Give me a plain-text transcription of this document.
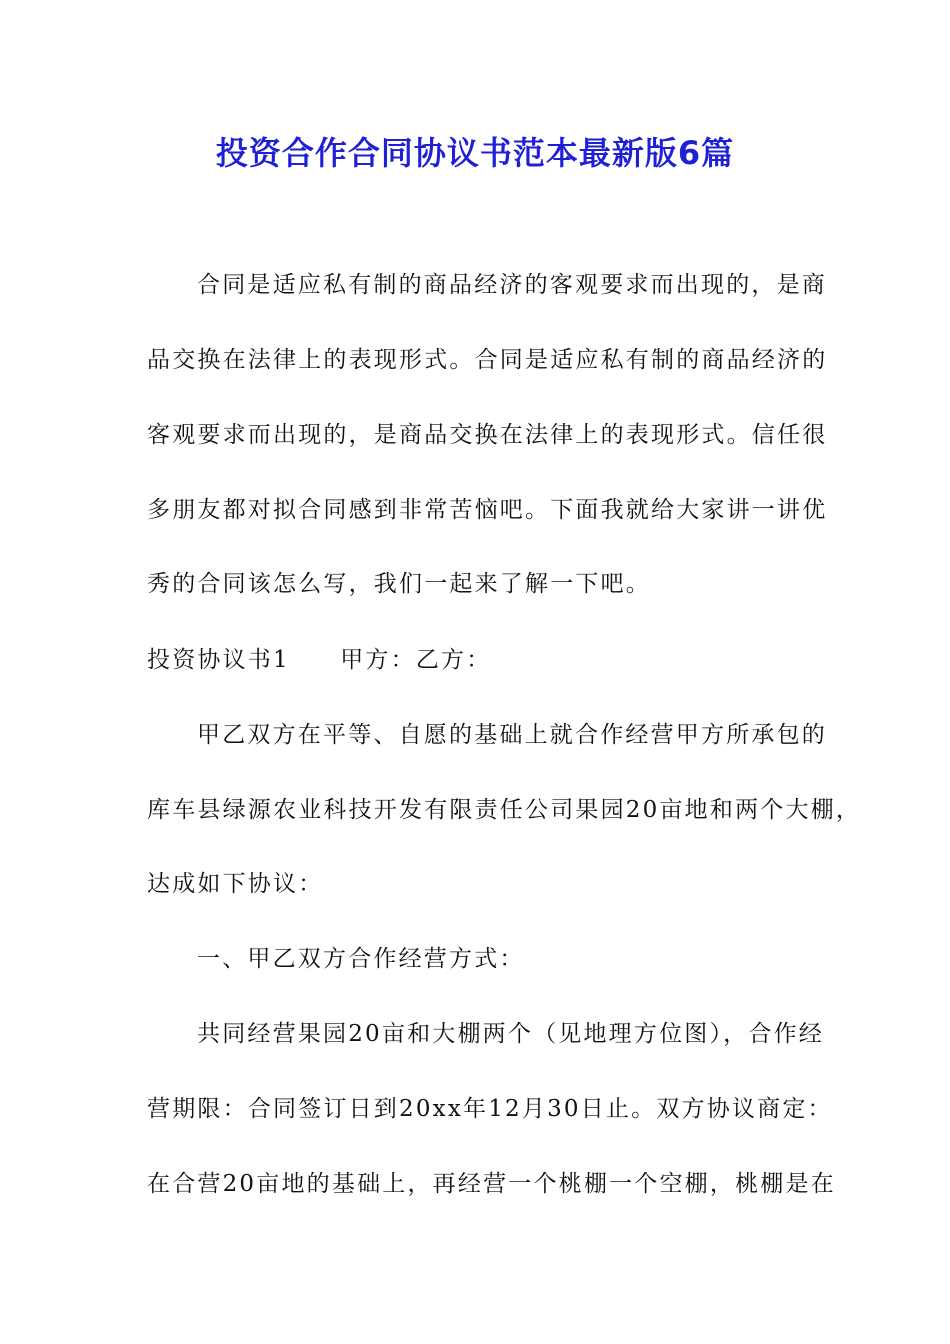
投资合作合同协议书范本最新版6篇
合同是适应私有制的商品经济的客观要求而出现的，是商
品交换在法律上的表现形式。合同是适应私有制的商品经济的
客观要求而出现的，是商品交换在法律上的表现形式。信任很
多朋友都对拟合同感到非常苦恼吧。下面我就给大家讲一讲优
秀的合同该怎么写，我们一起来了解一下吧。
投资协议书1　　甲方：乙方：
甲乙双方在平等、自愿的基础上就合作经营甲方所承包的
库车县绿源农业科技开发有限责任公司果园20亩地和两个大棚，
达成如下协议：
一、甲乙双方合作经营方式：
共同经营果园20亩和大棚两个（见地理方位图），合作经
营期限：合同签订日到20xx年12月30日止。双方协议商定：
在合营20亩地的基础上，再经营一个桃棚一个空棚，桃棚是在
